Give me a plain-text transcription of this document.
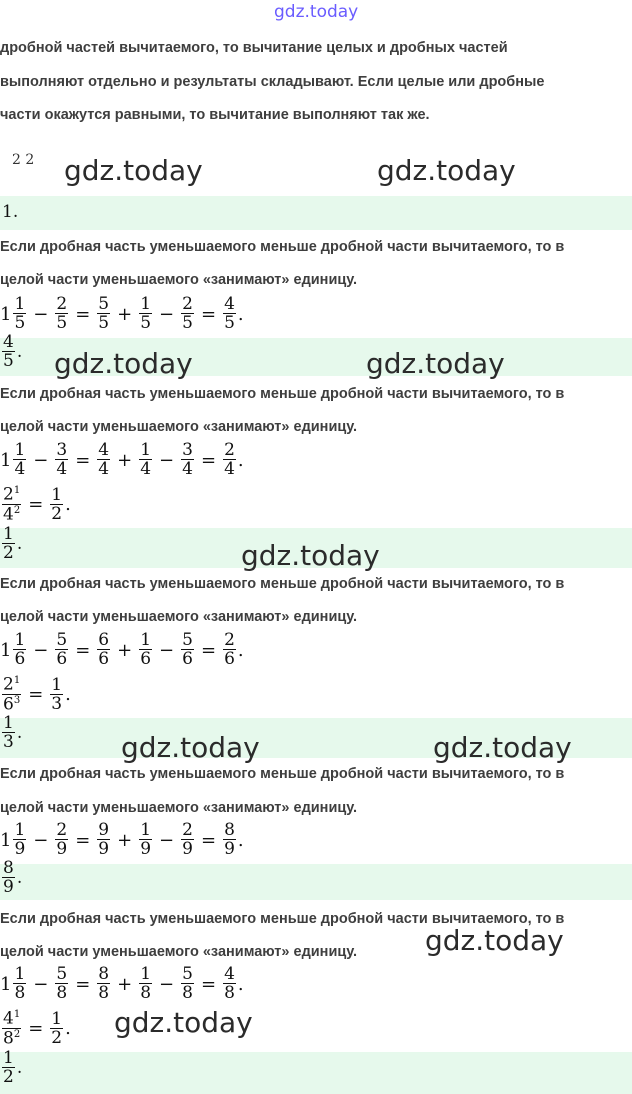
gdz.today
дробной частей вычитаемого, то вычитание целых и дробных частей
выполняют отдельно и результаты складывают. Если целые или дробные
части окажутся равными, то вычитание выполняют так же.
2 2 gdz.today	gdz.today
1.
Если дробная часть уменьшаемого меньше дробной части вычитаемого, то в
целой части уменьшаемого «занимают» единицу.
$1 \frac{1}{5} - \frac{2}{5} = \frac{5}{5} + \frac{1}{5} - \frac{2}{5} = \frac{4}{5}$ .
$\frac{4}{5}$ . gdz.today	gdz.today
Если дробная часть уменьшаемого меньше дробной части вычитаемого, то в
целой части уменьшаемого «занимают» единицу.
$1 \frac{1}{4} - \frac{3}{4} = \frac{4}{4} + \frac{1}{4} - \frac{3}{4} = \frac{2}{4}$ .
$\frac{2^1}{4^2} = \frac{1}{2}$ .
$\frac{1}{2}$ .	gdz.today
Если дробная часть уменьшаемого меньше дробной части вычитаемого, то в
целой части уменьшаемого «занимают» единицу.
$1 \frac{1}{6} - \frac{5}{6} = \frac{6}{6} + \frac{1}{6} - \frac{5}{6} = \frac{2}{6}$ .
$\frac{2^1}{6^3} = \frac{1}{3}$ .
$\frac{1}{3}$ .	gdz.today	gdz.today
Если дробная часть уменьшаемого меньше дробной части вычитаемого, то в
целой части уменьшаемого «занимают» единицу.
$1 \frac{1}{9} - \frac{2}{9} = \frac{9}{9} + \frac{1}{9} - \frac{2}{9} = \frac{8}{9}$ .
$\frac{8}{9}$ .
Если дробная часть уменьшаемого меньше дробной части вычитаемого, то в
целой части уменьшаемого «занимают» единицу. gdz.today
$1 \frac{1}{8} - \frac{5}{8} = \frac{8}{8} + \frac{1}{8} - \frac{5}{8} = \frac{4}{8}$ .
$\frac{4^1}{8^2} = \frac{1}{2}$ . gdz.today
$\frac{1}{2}$ .
